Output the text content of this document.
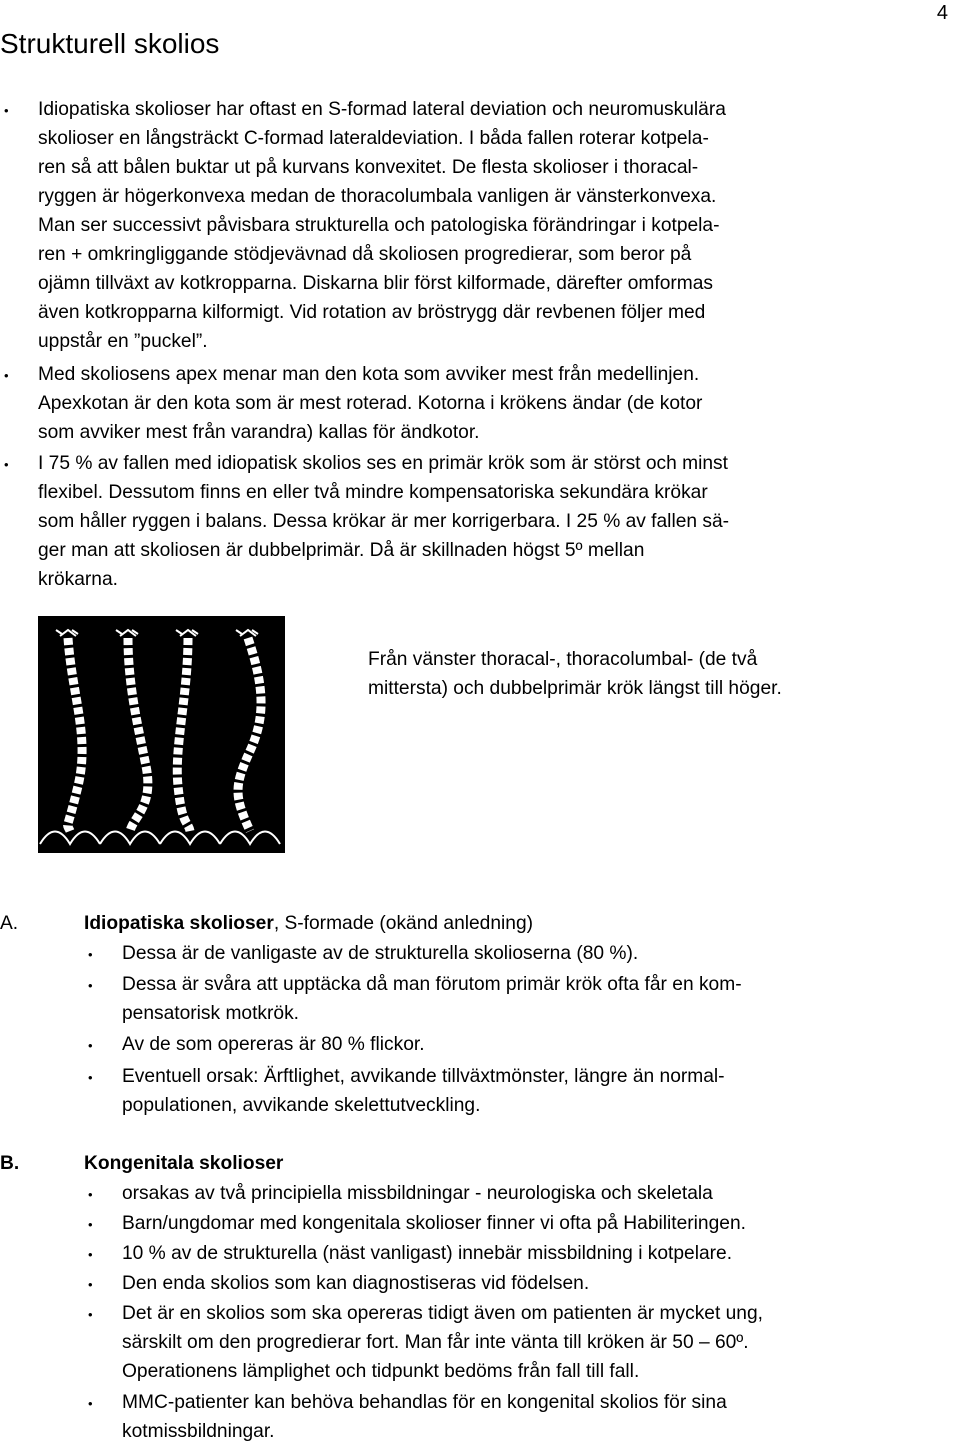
4
Strukturell skolios
• Idiopatiska skolioser har oftast en S-formad lateral deviation och neuromuskulära
skolioser en långsträckt C-formad lateraldeviation. I båda fallen roterar kotpela-
ren så att bålen buktar ut på kurvans konvexitet. De flesta skolioser i thoracal-
ryggen är högerkonvexa medan de thoracolumbala vanligen är vänsterkonvexa.
Man ser successivt påvisbara strukturella och patologiska förändringar i kotpela-
ren + omkringliggande stödjevävnad då skoliosen progredierar, som beror på
ojämn tillväxt av kotkropparna. Diskarna blir först kilformade, därefter omformas
även kotkropparna kilformigt. Vid rotation av bröstrygg där revbenen följer med
uppstår en ”puckel”.
• Med skoliosens apex menar man den kota som avviker mest från medellinjen.
Apexkotan är den kota som är mest roterad. Kotorna i krökens ändar (de kotor
som avviker mest från varandra) kallas för ändkotor.
• I 75 % av fallen med idiopatisk skolios ses en primär krök som är störst och minst
flexibel. Dessutom finns en eller två mindre kompensatoriska sekundära krökar
som håller ryggen i balans. Dessa krökar är mer korrigerbara. I 25 % av fallen sä-
ger man att skoliosen är dubbelprimär. Då är skillnaden högst 5º mellan
krökarna.
Från vänster thoracal-, thoracolumbal- (de två
mittersta) och dubbelprimär krök längst till höger.
A.	Idiopatiska skolioser, S-formade (okänd anledning)
• Dessa är de vanligaste av de strukturella skolioserna (80 %).
• Dessa är svåra att upptäcka då man förutom primär krök ofta får en kom-
pensatorisk motkrök.
• Av de som opereras är 80 % flickor.
• Eventuell orsak: Ärftlighet, avvikande tillväxtmönster, längre än normal-
populationen, avvikande skelettutveckling.
B.	Kongenitala skolioser
• orsakas av två principiella missbildningar - neurologiska och skeletala
• Barn/ungdomar med kongenitala skolioser finner vi ofta på Habiliteringen.
• 10 % av de strukturella (näst vanligast) innebär missbildning i kotpelare.
• Den enda skolios som kan diagnostiseras vid födelsen.
• Det är en skolios som ska opereras tidigt även om patienten är mycket ung,
särskilt om den progredierar fort. Man får inte vänta till kröken är 50 – 60º.
Operationens lämplighet och tidpunkt bedöms från fall till fall.
• MMC-patienter kan behöva behandlas för en kongenital skolios för sina
kotmissbildningar.
